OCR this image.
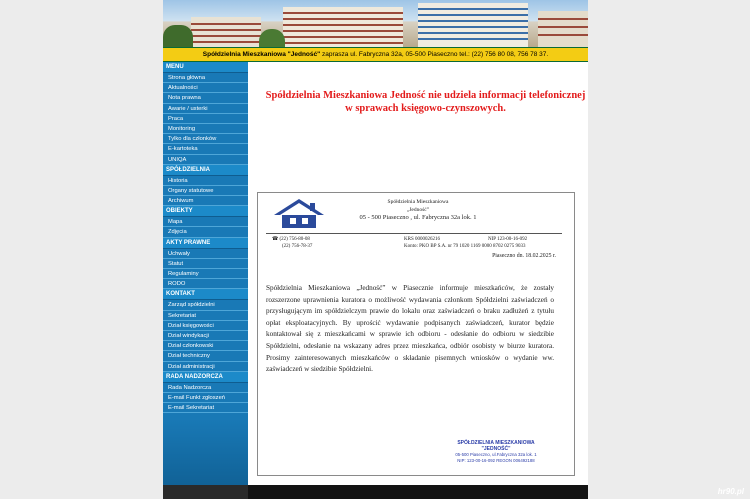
Spółdzielnia Mieszkaniowa "Jedność" zaprasza ul. Fabryczna 32a, 05-500 Piaseczno tel.: (22) 756 80 08, 756 78 37.
MENU
Strona główna
Aktualności
Nota prawna
Awarie / usterki
Praca
Monitoring
Tylko dla członków
E-kartoteka
UNIQA
SPÓŁDZIELNIA
Historia
Organy statutowe
Archiwum
OBIEKTY
Mapa
Zdjęcia
AKTY PRAWNE
Uchwały
Statut
Regulaminy
RODO
KONTAKT
Zarząd spółdzielni
Sekretariat
Dział księgowości
Dział windykacji
Dział członkowski
Dział techniczny
Dział administracji
RADA NADZORCZA
Rada Nadzorcza
E-mail Funkt zgłoszeń
E-mail Sekretariat
Spółdzielnia Mieszkaniowa Jedność nie udziela informacji telefonicznej w sprawach księgowo-czynszowych.
Spółdzielnia Mieszkaniowa
„Jedność”
05 - 500 Piaseczno , ul. Fabryczna 32a lok. 1
☎ (22) 756-80-08
(22) 756-78-37
KRS 0000026216	NIP 123-00-16-092
Konto: PKO BP S.A. nr 79 1020 1169 0000 8702 0275 9033
Piaseczno dn. 18.02.2025 r.
Spółdzielnia Mieszkaniowa „Jedność” w Piasecznie informuje mieszkańców, że zostały rozszerzone uprawnienia kuratora o możliwość wydawania członkom Spółdzielni zaświadczeń o przysługującym im spółdzielczym prawie do lokalu oraz zaświadczeń o braku zadłużeń z tytułu opłat eksploatacyjnych. By uprościć wydawanie podpisanych zaświadczeń, kurator będzie kontaktował się z mieszkańcami w sprawie ich odbioru - odesłanie do odbioru w siedzibie Spółdzielni, odesłanie na wskazany adres przez mieszkańca, odbiór osobisty w biurze kuratora. Prosimy zainteresowanych mieszkańców o składanie pisemnych wniosków o wydanie ww. zaświadczeń w siedzibie Spółdzielni.
SPÓŁDZIELNIA MIESZKANIOWA
"JEDNOŚĆ"
05-500 Piaseczno, ul.Fabryczna 32a lok. 1
NIP: 123-00-16-092 REGON 006492188
hr90.pl
